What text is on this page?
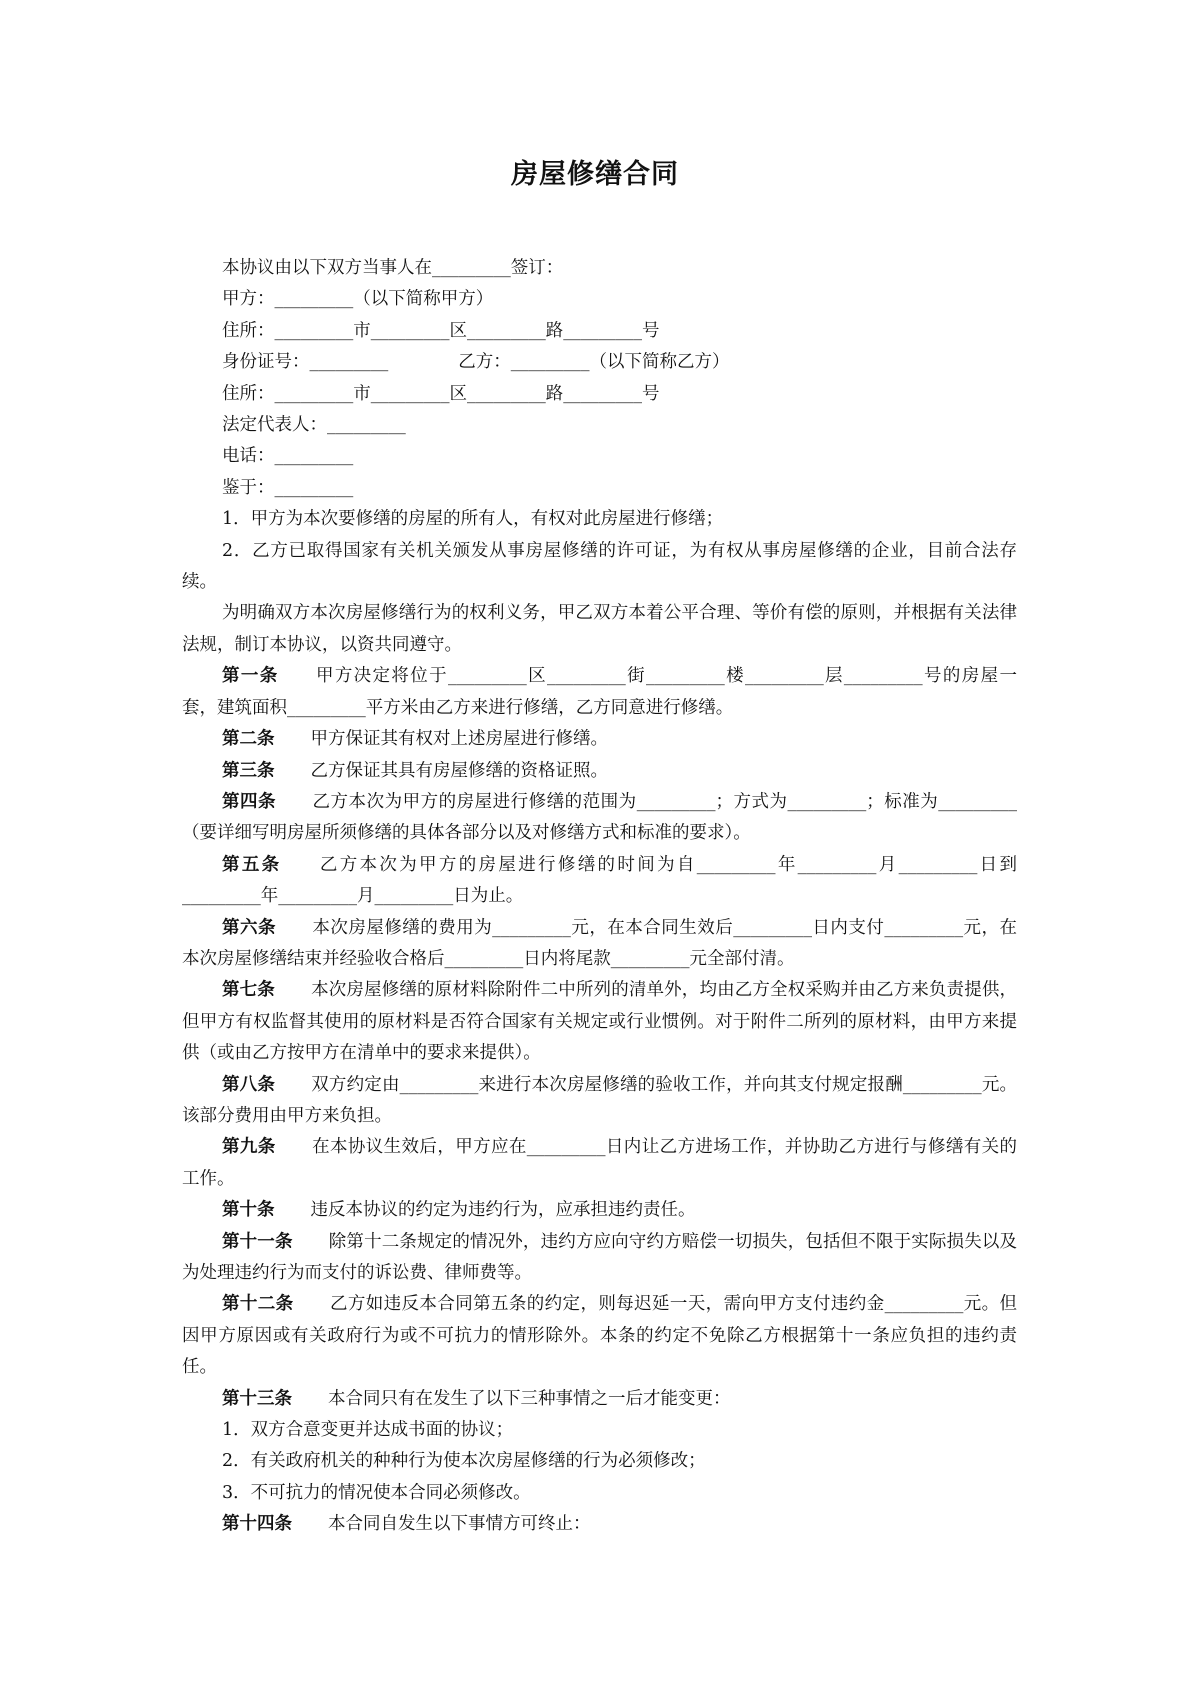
房屋修缮合同

本协议由以下双方当事人在_________签订：

甲方：_________（以下简称甲方）

住所：_________市_________区_________路_________号

身份证号：_________	乙方：_________（以下简称乙方）

住所：_________市_________区_________路_________号

法定代表人：_________

电话：_________

鉴于：_________

1．甲方为本次要修缮的房屋的所有人，有权对此房屋进行修缮；

2．乙方已取得国家有关机关颁发从事房屋修缮的许可证，为有权从事房屋修缮的企业，目前合法存续。

为明确双方本次房屋修缮行为的权利义务，甲乙双方本着公平合理、等价有偿的原则，并根据有关法律法规，制订本协议，以资共同遵守。

第一条 甲方决定将位于_________区_________街_________楼_________层_________号的房屋一套，建筑面积_________平方米由乙方来进行修缮，乙方同意进行修缮。

第二条 甲方保证其有权对上述房屋进行修缮。

第三条 乙方保证其具有房屋修缮的资格证照。

第四条 乙方本次为甲方的房屋进行修缮的范围为_________；方式为_________；标准为_________（要详细写明房屋所须修缮的具体各部分以及对修缮方式和标准的要求）。

第五条 乙方本次为甲方的房屋进行修缮的时间为自_________年_________月_________日到_________年_________月_________日为止。

第六条 本次房屋修缮的费用为_________元，在本合同生效后_________日内支付_________元，在本次房屋修缮结束并经验收合格后_________日内将尾款_________元全部付清。

第七条 本次房屋修缮的原材料除附件二中所列的清单外，均由乙方全权采购并由乙方来负责提供，但甲方有权监督其使用的原材料是否符合国家有关规定或行业惯例。对于附件二所列的原材料，由甲方来提供（或由乙方按甲方在清单中的要求来提供）。

第八条 双方约定由_________来进行本次房屋修缮的验收工作，并向其支付规定报酬_________元。该部分费用由甲方来负担。

第九条 在本协议生效后，甲方应在_________日内让乙方进场工作，并协助乙方进行与修缮有关的工作。

第十条 违反本协议的约定为违约行为，应承担违约责任。

第十一条 除第十二条规定的情况外，违约方应向守约方赔偿一切损失，包括但不限于实际损失以及为处理违约行为而支付的诉讼费、律师费等。

第十二条 乙方如违反本合同第五条的约定，则每迟延一天，需向甲方支付违约金_________元。但因甲方原因或有关政府行为或不可抗力的情形除外。本条的约定不免除乙方根据第十一条应负担的违约责任。

第十三条 本合同只有在发生了以下三种事情之一后才能变更：

1．双方合意变更并达成书面的协议；

2．有关政府机关的种种行为使本次房屋修缮的行为必须修改；

3．不可抗力的情况使本合同必须修改。

第十四条 本合同自发生以下事情方可终止：
